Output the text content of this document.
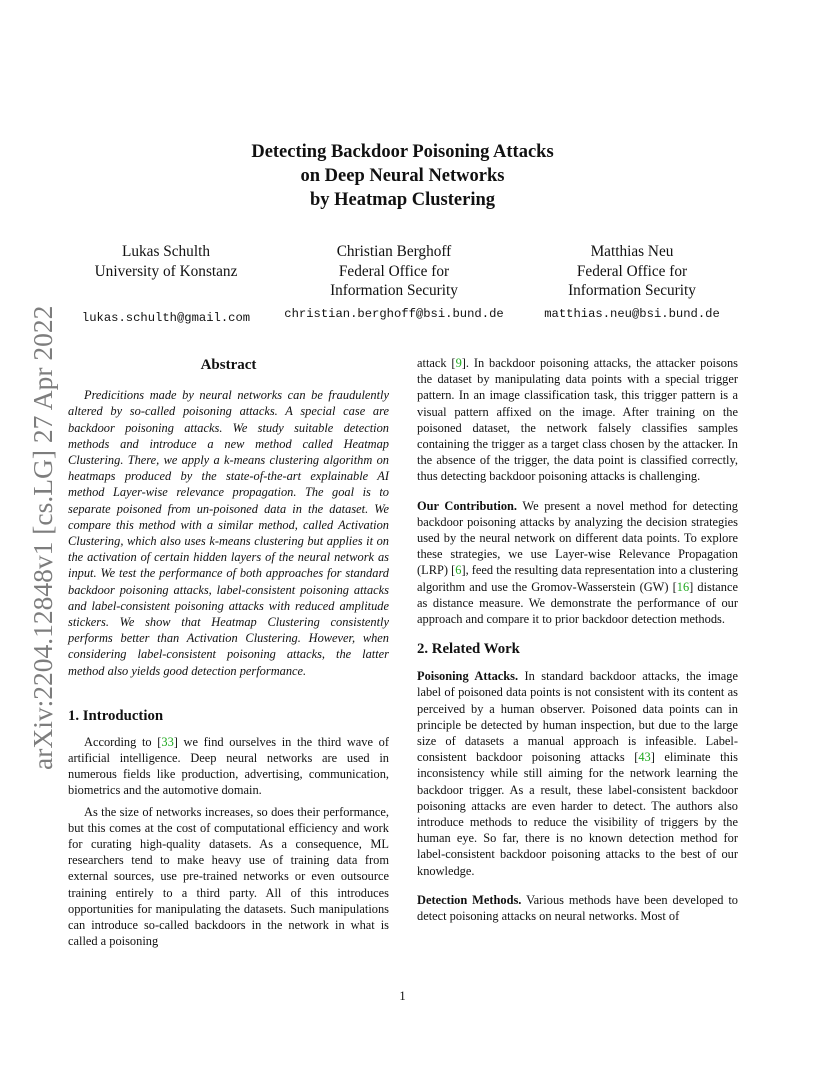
arXiv:2204.12848v1 [cs.LG] 27 Apr 2022
Detecting Backdoor Poisoning Attacks
on Deep Neural Networks
by Heatmap Clustering
Lukas Schulth
University of Konstanz
lukas.schulth@gmail.com
Christian Berghoff
Federal Office for
Information Security
christian.berghoff@bsi.bund.de
Matthias Neu
Federal Office for
Information Security
matthias.neu@bsi.bund.de
Abstract

Predicitions made by neural networks can be fraudulently altered by so-called poisoning attacks. A special case are backdoor poisoning attacks. We study suitable detection methods and introduce a new method called Heatmap Clustering. There, we apply a k-means clustering algorithm on heatmaps produced by the state-of-the-art explainable AI method Layer-wise relevance propagation. The goal is to separate poisoned from un-poisoned data in the dataset. We compare this method with a similar method, called Activation Clustering, which also uses k-means clustering but applies it on the activation of certain hidden layers of the neural network as input. We test the performance of both approaches for standard backdoor poisoning attacks, label-consistent poisoning attacks and label-consistent poisoning attacks with reduced amplitude stickers. We show that Heatmap Clustering consistently performs better than Activation Clustering. However, when considering label-consistent poisoning attacks, the latter method also yields good detection performance.

1. Introduction

According to [33] we find ourselves in the third wave of artificial intelligence. Deep neural networks are used in numerous fields like production, advertising, communication, biometrics and the automotive domain.

As the size of networks increases, so does their performance, but this comes at the cost of computational efficiency and work for curating high-quality datasets. As a consequence, ML researchers tend to make heavy use of training data from external sources, use pre-trained networks or even outsource training entirely to a third party. All of this introduces opportunities for manipulating the datasets. Such manipulations can introduce so-called backdoors in the network in what is called a poisoning

attack [9]. In backdoor poisoning attacks, the attacker poisons the dataset by manipulating data points with a special trigger pattern. In an image classification task, this trigger pattern is a visual pattern affixed on the image. After training on the poisoned dataset, the network falsely classifies samples containing the trigger as a target class chosen by the attacker. In the absence of the trigger, the data point is classified correctly, thus detecting backdoor poisoning attacks is challenging.

Our Contribution. We present a novel method for detecting backdoor poisoning attacks by analyzing the decision strategies used by the neural network on different data points. To explore these strategies, we use Layer-wise Relevance Propagation (LRP) [6], feed the resulting data representation into a clustering algorithm and use the Gromov-Wasserstein (GW) [16] distance as distance measure. We demonstrate the performance of our approach and compare it to prior backdoor detection methods.

2. Related Work

Poisoning Attacks. In standard backdoor attacks, the image label of poisoned data points is not consistent with its content as perceived by a human observer. Poisoned data points can in principle be detected by human inspection, but due to the large size of datasets a manual approach is infeasible. Label-consistent backdoor poisoning attacks [43] eliminate this inconsistency while still aiming for the network learning the backdoor trigger. As a result, these label-consistent backdoor poisoning attacks are even harder to detect. The authors also introduce methods to reduce the visibility of triggers by the human eye. So far, there is no known detection method for label-consistent backdoor poisoning attacks to the best of our knowledge.

Detection Methods. Various methods have been developed to detect poisoning attacks on neural networks. Most of

1
